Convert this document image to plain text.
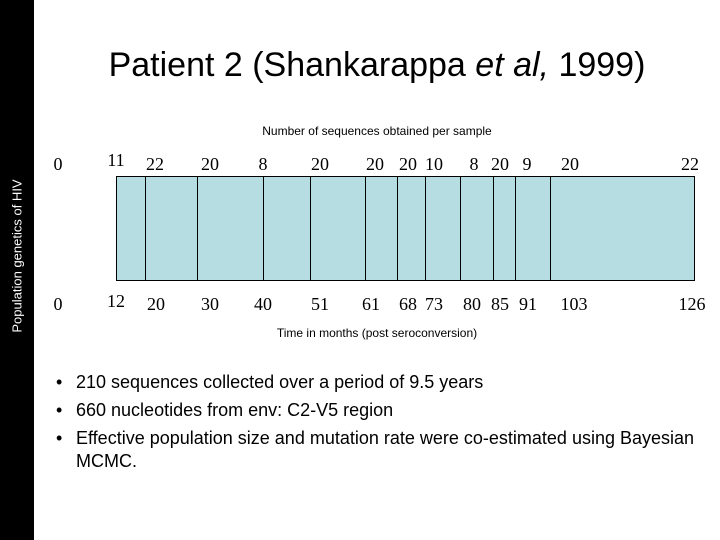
Population genetics of HIV
Patient 2 (Shankarappa et al, 1999)
Number of sequences obtained per sample
0 11 22 20 8 20 20 20 10 8 20 9 20	22
0 12 20 30 40 51 61 68 73 80 85 91 103	126
Time in months (post seroconversion)
• 210 sequences collected over a period of 9.5 years
• 660 nucleotides from env: C2-V5 region
• Effective population size and mutation rate were co-estimated using Bayesian MCMC.
